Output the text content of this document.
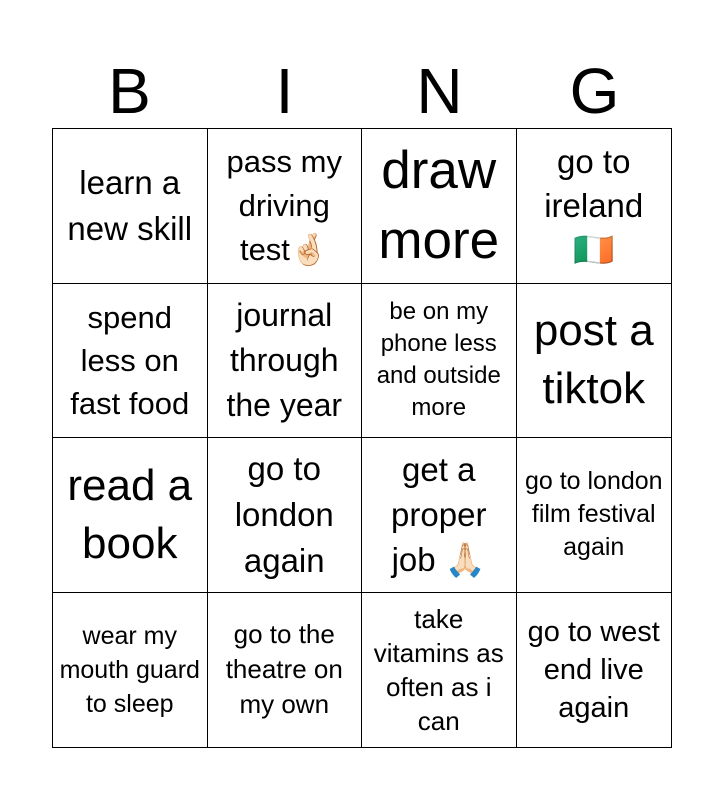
B	I	N	G
learn a new skill
pass my driving test🤞🏻
draw more
go to ireland 🇮🇪
spend less on fast food
journal through the year
be on my phone less and outside more
post a tiktok
read a book
go to london again
get a proper job 🙏🏻
go to london film festival again
wear my mouth guard to sleep
go to the theatre on my own
take vitamins as often as i can
go to west end live again
